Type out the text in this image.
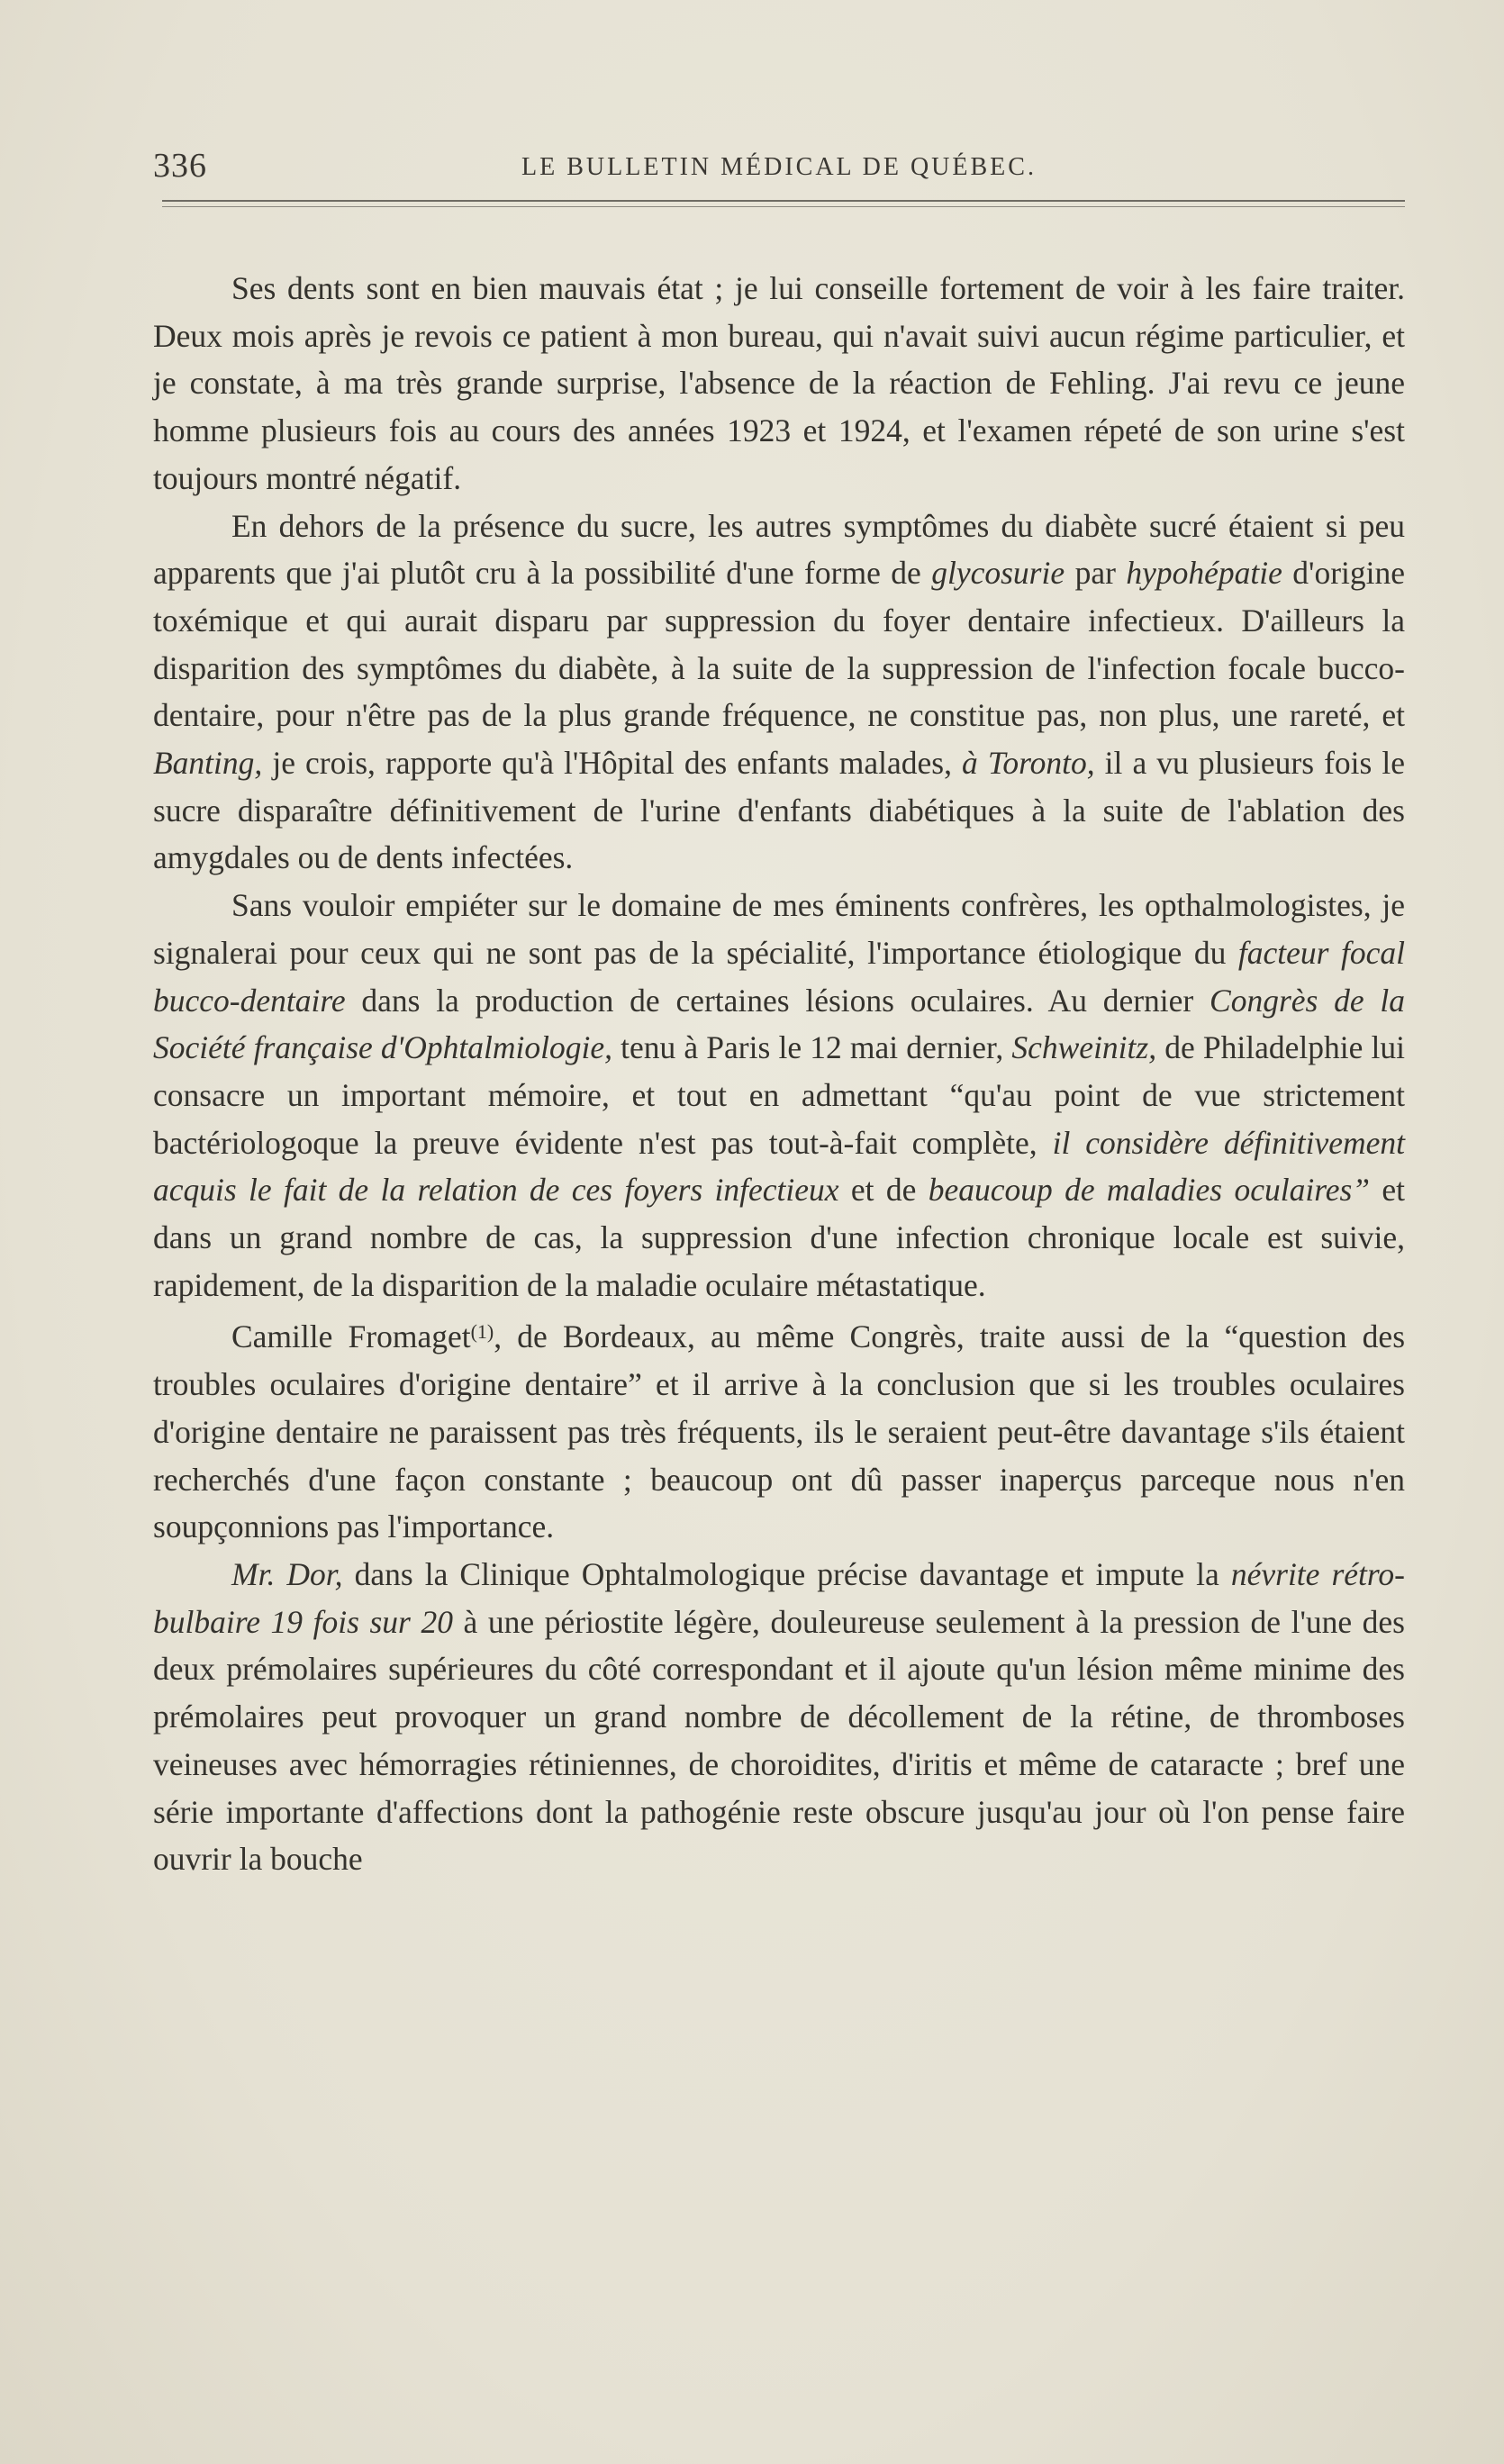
336	LE BULLETIN MÉDICAL DE QUÉBEC.

Ses dents sont en bien mauvais état ; je lui conseille fortement de voir à les faire traiter. Deux mois après je revois ce patient à mon bureau, qui n'avait suivi aucun régime particulier, et je constate, à ma très grande surprise, l'absence de la réaction de Fehling. J'ai revu ce jeune homme plusieurs fois au cours des années 1923 et 1924, et l'examen répeté de son urine s'est toujours montré négatif.

En dehors de la présence du sucre, les autres symptômes du diabète sucré étaient si peu apparents que j'ai plutôt cru à la possibilité d'une forme de glycosurie par hypohépatie d'origine toxémique et qui aurait disparu par suppression du foyer dentaire infectieux. D'ailleurs la disparition des symptômes du diabète, à la suite de la suppression de l'infection focale bucco-dentaire, pour n'être pas de la plus grande fréquence, ne constitue pas, non plus, une rareté, et Banting, je crois, rapporte qu'à l'Hôpital des enfants malades, à Toronto, il a vu plusieurs fois le sucre disparaître définitivement de l'urine d'enfants diabétiques à la suite de l'ablation des amygdales ou de dents infectées.

Sans vouloir empiéter sur le domaine de mes éminents confrères, les opthalmologistes, je signalerai pour ceux qui ne sont pas de la spécialité, l'importance étiologique du facteur focal bucco-dentaire dans la production de certaines lésions oculaires. Au dernier Congrès de la Société française d'Ophtalmiologie, tenu à Paris le 12 mai dernier, Schweinitz, de Philadelphie lui consacre un important mémoire, et tout en admettant “qu'au point de vue strictement bactériologoque la preuve évidente n'est pas tout-à-fait complète, il considère définitivement acquis le fait de la relation de ces foyers infectieux et de beaucoup de maladies oculaires” et dans un grand nombre de cas, la suppression d'une infection chronique locale est suivie, rapidement, de la disparition de la maladie oculaire métastatique.

Camille Fromaget$^{(1)}$, de Bordeaux, au même Congrès, traite aussi de la “question des troubles oculaires d'origine dentaire” et il arrive à la conclusion que si les troubles oculaires d'origine dentaire ne paraissent pas très fréquents, ils le seraient peut-être davantage s'ils étaient recherchés d'une façon constante ; beaucoup ont dû passer inaperçus parceque nous n'en soupçonnions pas l'importance.

Mr. Dor, dans la Clinique Ophtalmologique précise davantage et impute la névrite rétro-bulbaire 19 fois sur 20 à une périostite légère, douleureuse seulement à la pression de l'une des deux prémolaires supérieures du côté correspondant et il ajoute qu'un lésion même minime des prémolaires peut provoquer un grand nombre de décollement de la rétine, de thromboses veineuses avec hémorragies rétiniennes, de choroidites, d'iritis et même de cataracte ; bref une série importante d'affections dont la pathogénie reste obscure jusqu'au jour où l'on pense faire ouvrir la bouche
